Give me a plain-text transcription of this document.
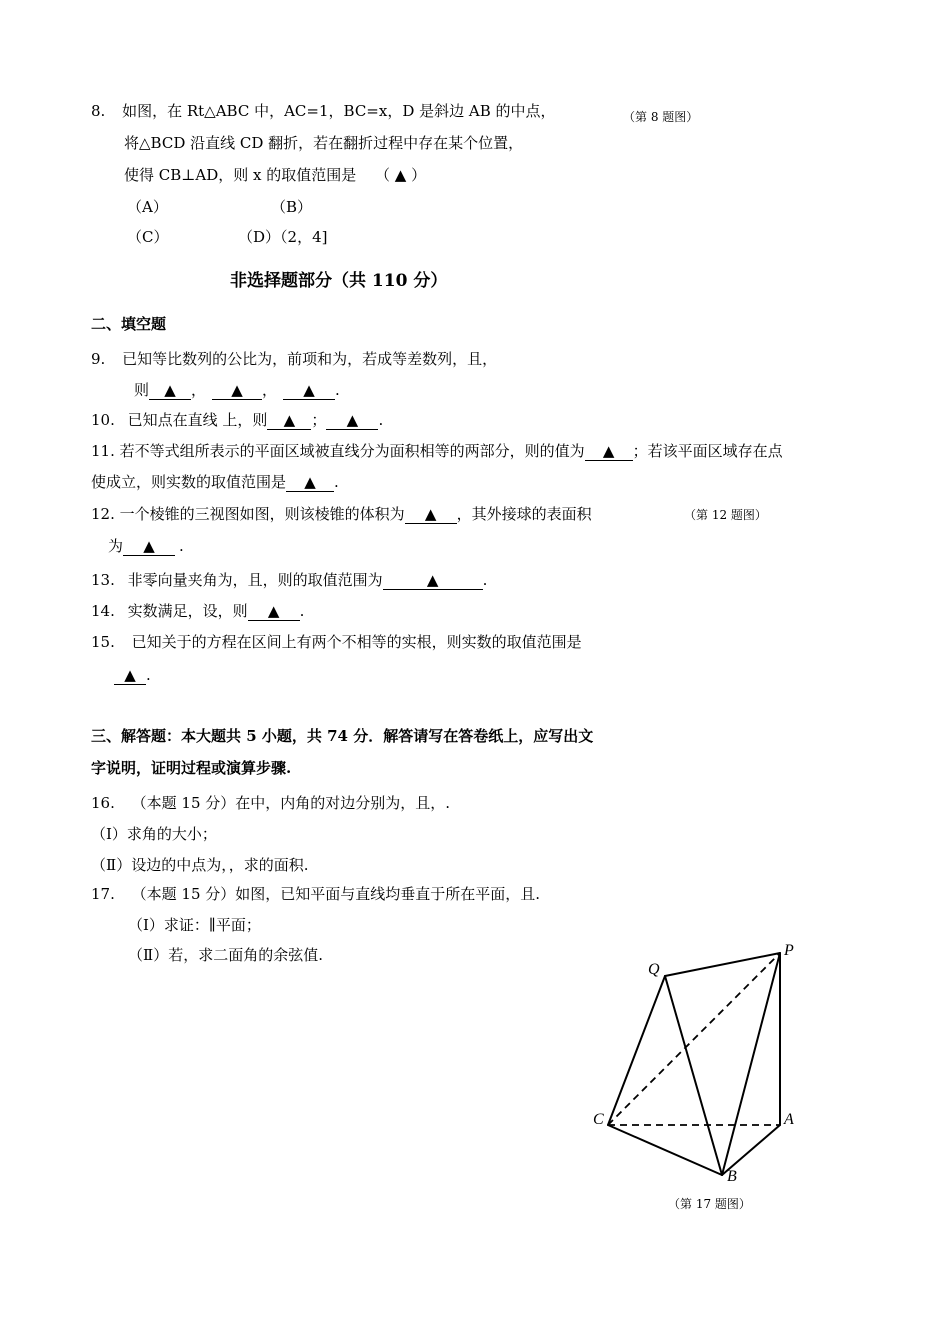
8. 如图，在 Rt△ABC 中，AC=1，BC=x，D 是斜边 AB 的中点，	（第 8 题图）
将△BCD 沿直线 CD 翻折，若在翻折过程中存在某个位置，
使得 CB⊥AD，则 x 的取值范围是 （ ▲ ）
（A）	（B）
（C）	（D）（2，4]
非选择题部分（共 110 分）
二、填空题
9. 已知等比数列的公比为，前项和为，若成等差数列，且，
则 ▲ ， ▲ ， ▲ .
10. 已知点在直线 上，则 ▲ ； ▲ .
11. 若不等式组所表示的平面区域被直线分为面积相等的两部分，则的值为 ▲ ；若该平面区域存在点
使成立，则实数的取值范围是 ▲ .
12. 一个棱锥的三视图如图，则该棱锥的体积为 ▲ ，其外接球的表面积	（第 12 题图）
为 ▲ .
13. 非零向量夹角为，且，则的取值范围为	▲	.
14. 实数满足，设，则 ▲ .
15. 已知关于的方程在区间上有两个不相等的实根，则实数的取值范围是
▲ .
三、解答题：本大题共 5 小题，共 74 分．解答请写在答卷纸上，应写出文
字说明，证明过程或演算步骤.
16. （本题 15 分）在中，内角的对边分别为，且，.
（Ⅰ）求角的大小；
（Ⅱ）设边的中点为，，求的面积.
17. （本题 15 分）如图，已知平面与直线均垂直于所在平面，且.
（Ⅰ）求证：∥平面；
（Ⅱ）若，求二面角的余弦值.	P
Q
C	A
B
（第 17 题图）
